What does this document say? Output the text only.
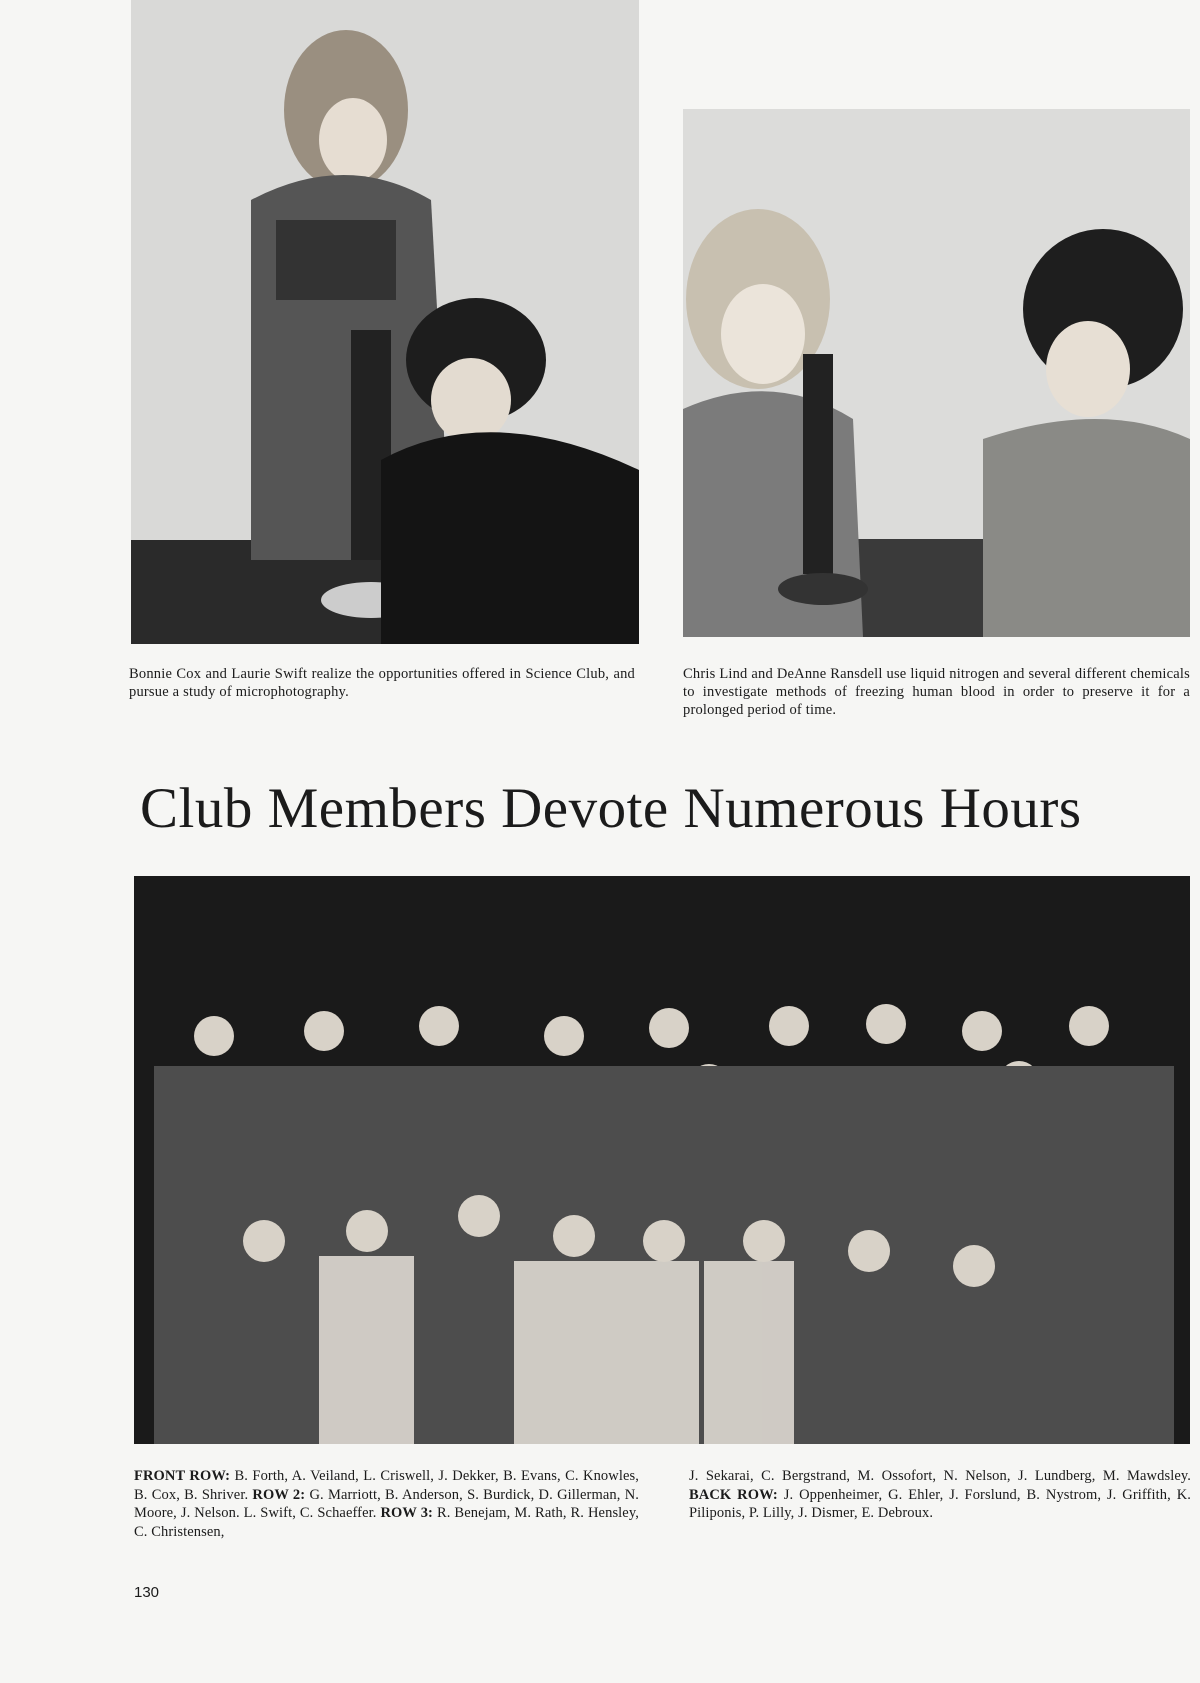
Bonnie Cox and Laurie Swift realize the opportunities offered in Science Club, and pursue a study of microphotography.
Chris Lind and DeAnne Ransdell use liquid nitrogen and several different chemicals to investigate methods of freezing human blood in order to preserve it for a prolonged period of time.
Club Members Devote Numerous Hours
FRONT ROW: B. Forth, A. Veiland, L. Criswell, J. Dekker, B. Evans, C. Knowles, B. Cox, B. Shriver. ROW 2: G. Marriott, B. Anderson, S. Burdick, D. Gillerman, N. Moore, J. Nelson. L. Swift, C. Schaeffer. ROW 3: R. Benejam, M. Rath, R. Hensley, C. Christensen,
J. Sekarai, C. Bergstrand, M. Ossofort, N. Nelson, J. Lundberg, M. Mawdsley. BACK ROW: J. Oppenheimer, G. Ehler, J. Forslund, B. Nystrom, J. Griffith, K. Piliponis, P. Lilly, J. Dismer, E. Debroux.
130
